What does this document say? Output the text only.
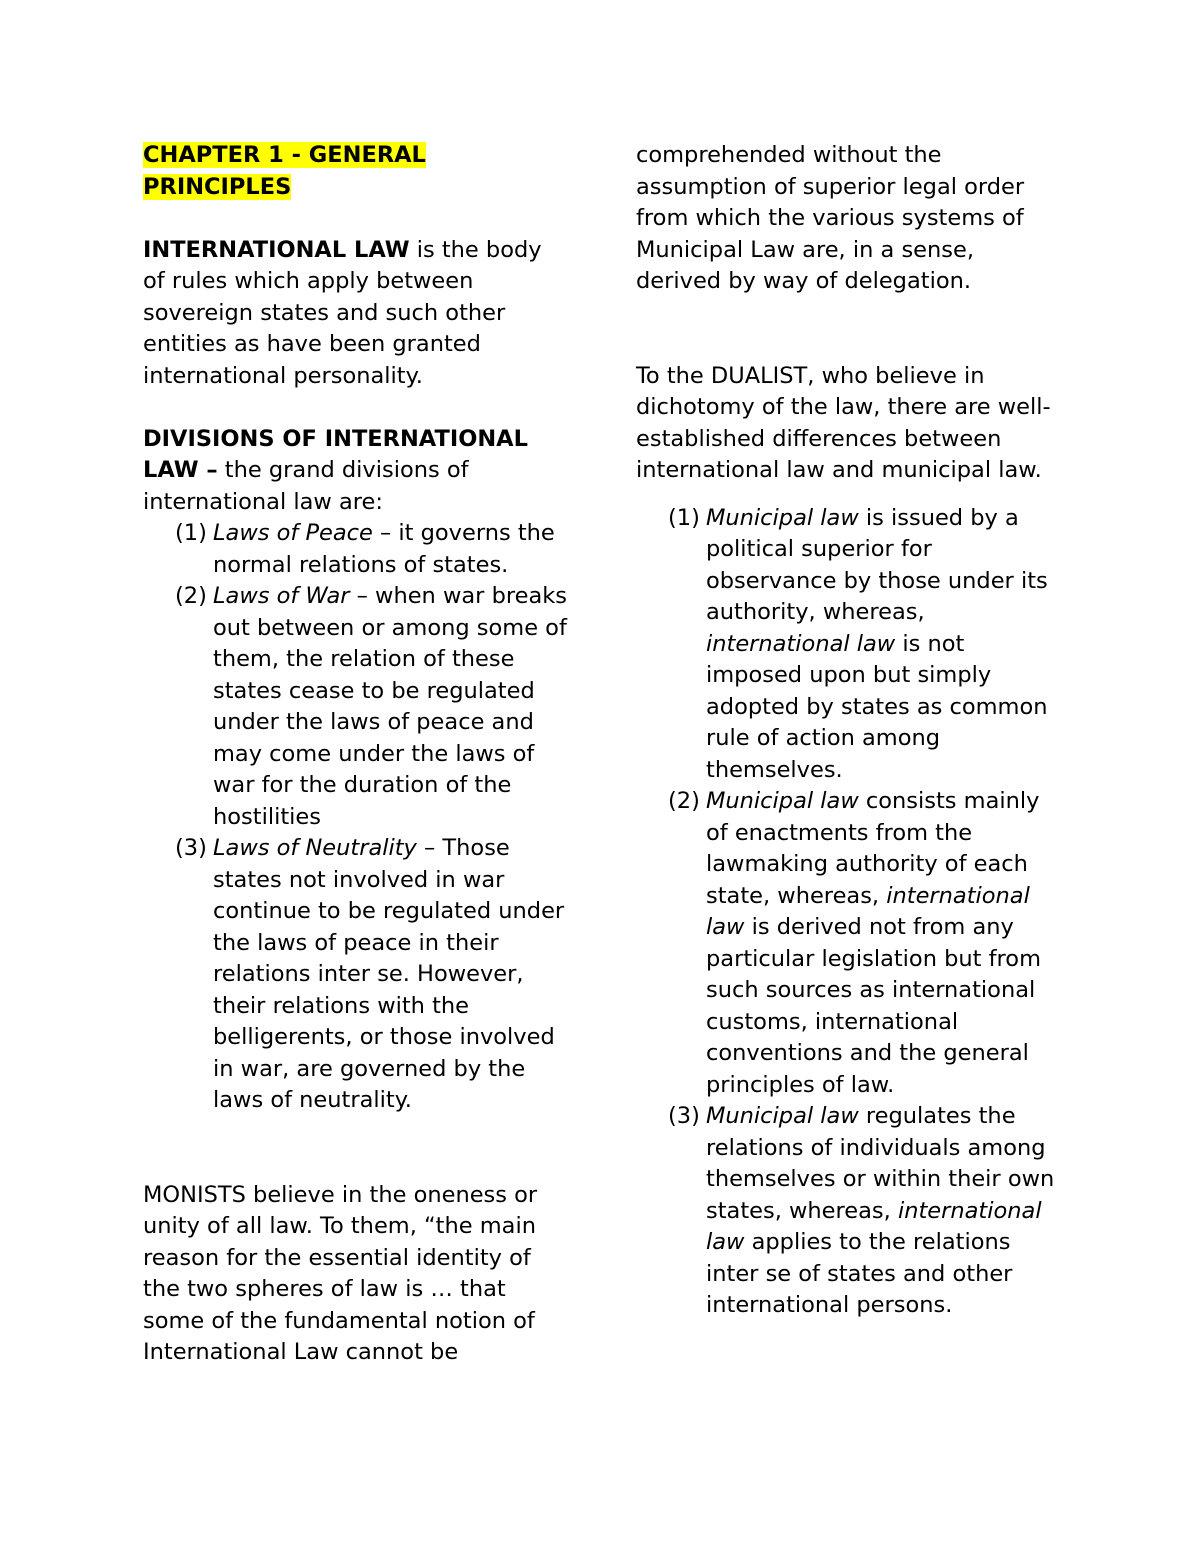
CHAPTER 1 - GENERAL
PRINCIPLES

INTERNATIONAL LAW is the body of rules which apply between sovereign states and such other entities as have been granted international personality.

DIVISIONS OF INTERNATIONAL LAW – the grand divisions of international law are:

(1) Laws of Peace – it governs the normal relations of states.
(2) Laws of War – when war breaks out between or among some of them, the relation of these states cease to be regulated under the laws of peace and may come under the laws of war for the duration of the hostilities
(3) Laws of Neutrality – Those states not involved in war continue to be regulated under the laws of peace in their relations inter se. However, their relations with the belligerents, or those involved in war, are governed by the laws of neutrality.

MONISTS believe in the oneness or unity of all law. To them, “the main reason for the essential identity of the two spheres of law is … that some of the fundamental notion of International Law cannot be

comprehended without the assumption of superior legal order from which the various systems of Municipal Law are, in a sense, derived by way of delegation.

To the DUALIST, who believe in dichotomy of the law, there are well-established differences between international law and municipal law.

(1) Municipal law is issued by a political superior for observance by those under its authority, whereas, international law is not imposed upon but simply adopted by states as common rule of action among themselves.
(2) Municipal law consists mainly of enactments from the lawmaking authority of each state, whereas, international law is derived not from any particular legislation but from such sources as international customs, international conventions and the general principles of law.
(3) Municipal law regulates the relations of individuals among themselves or within their own states, whereas, international law applies to the relations inter se of states and other international persons.
